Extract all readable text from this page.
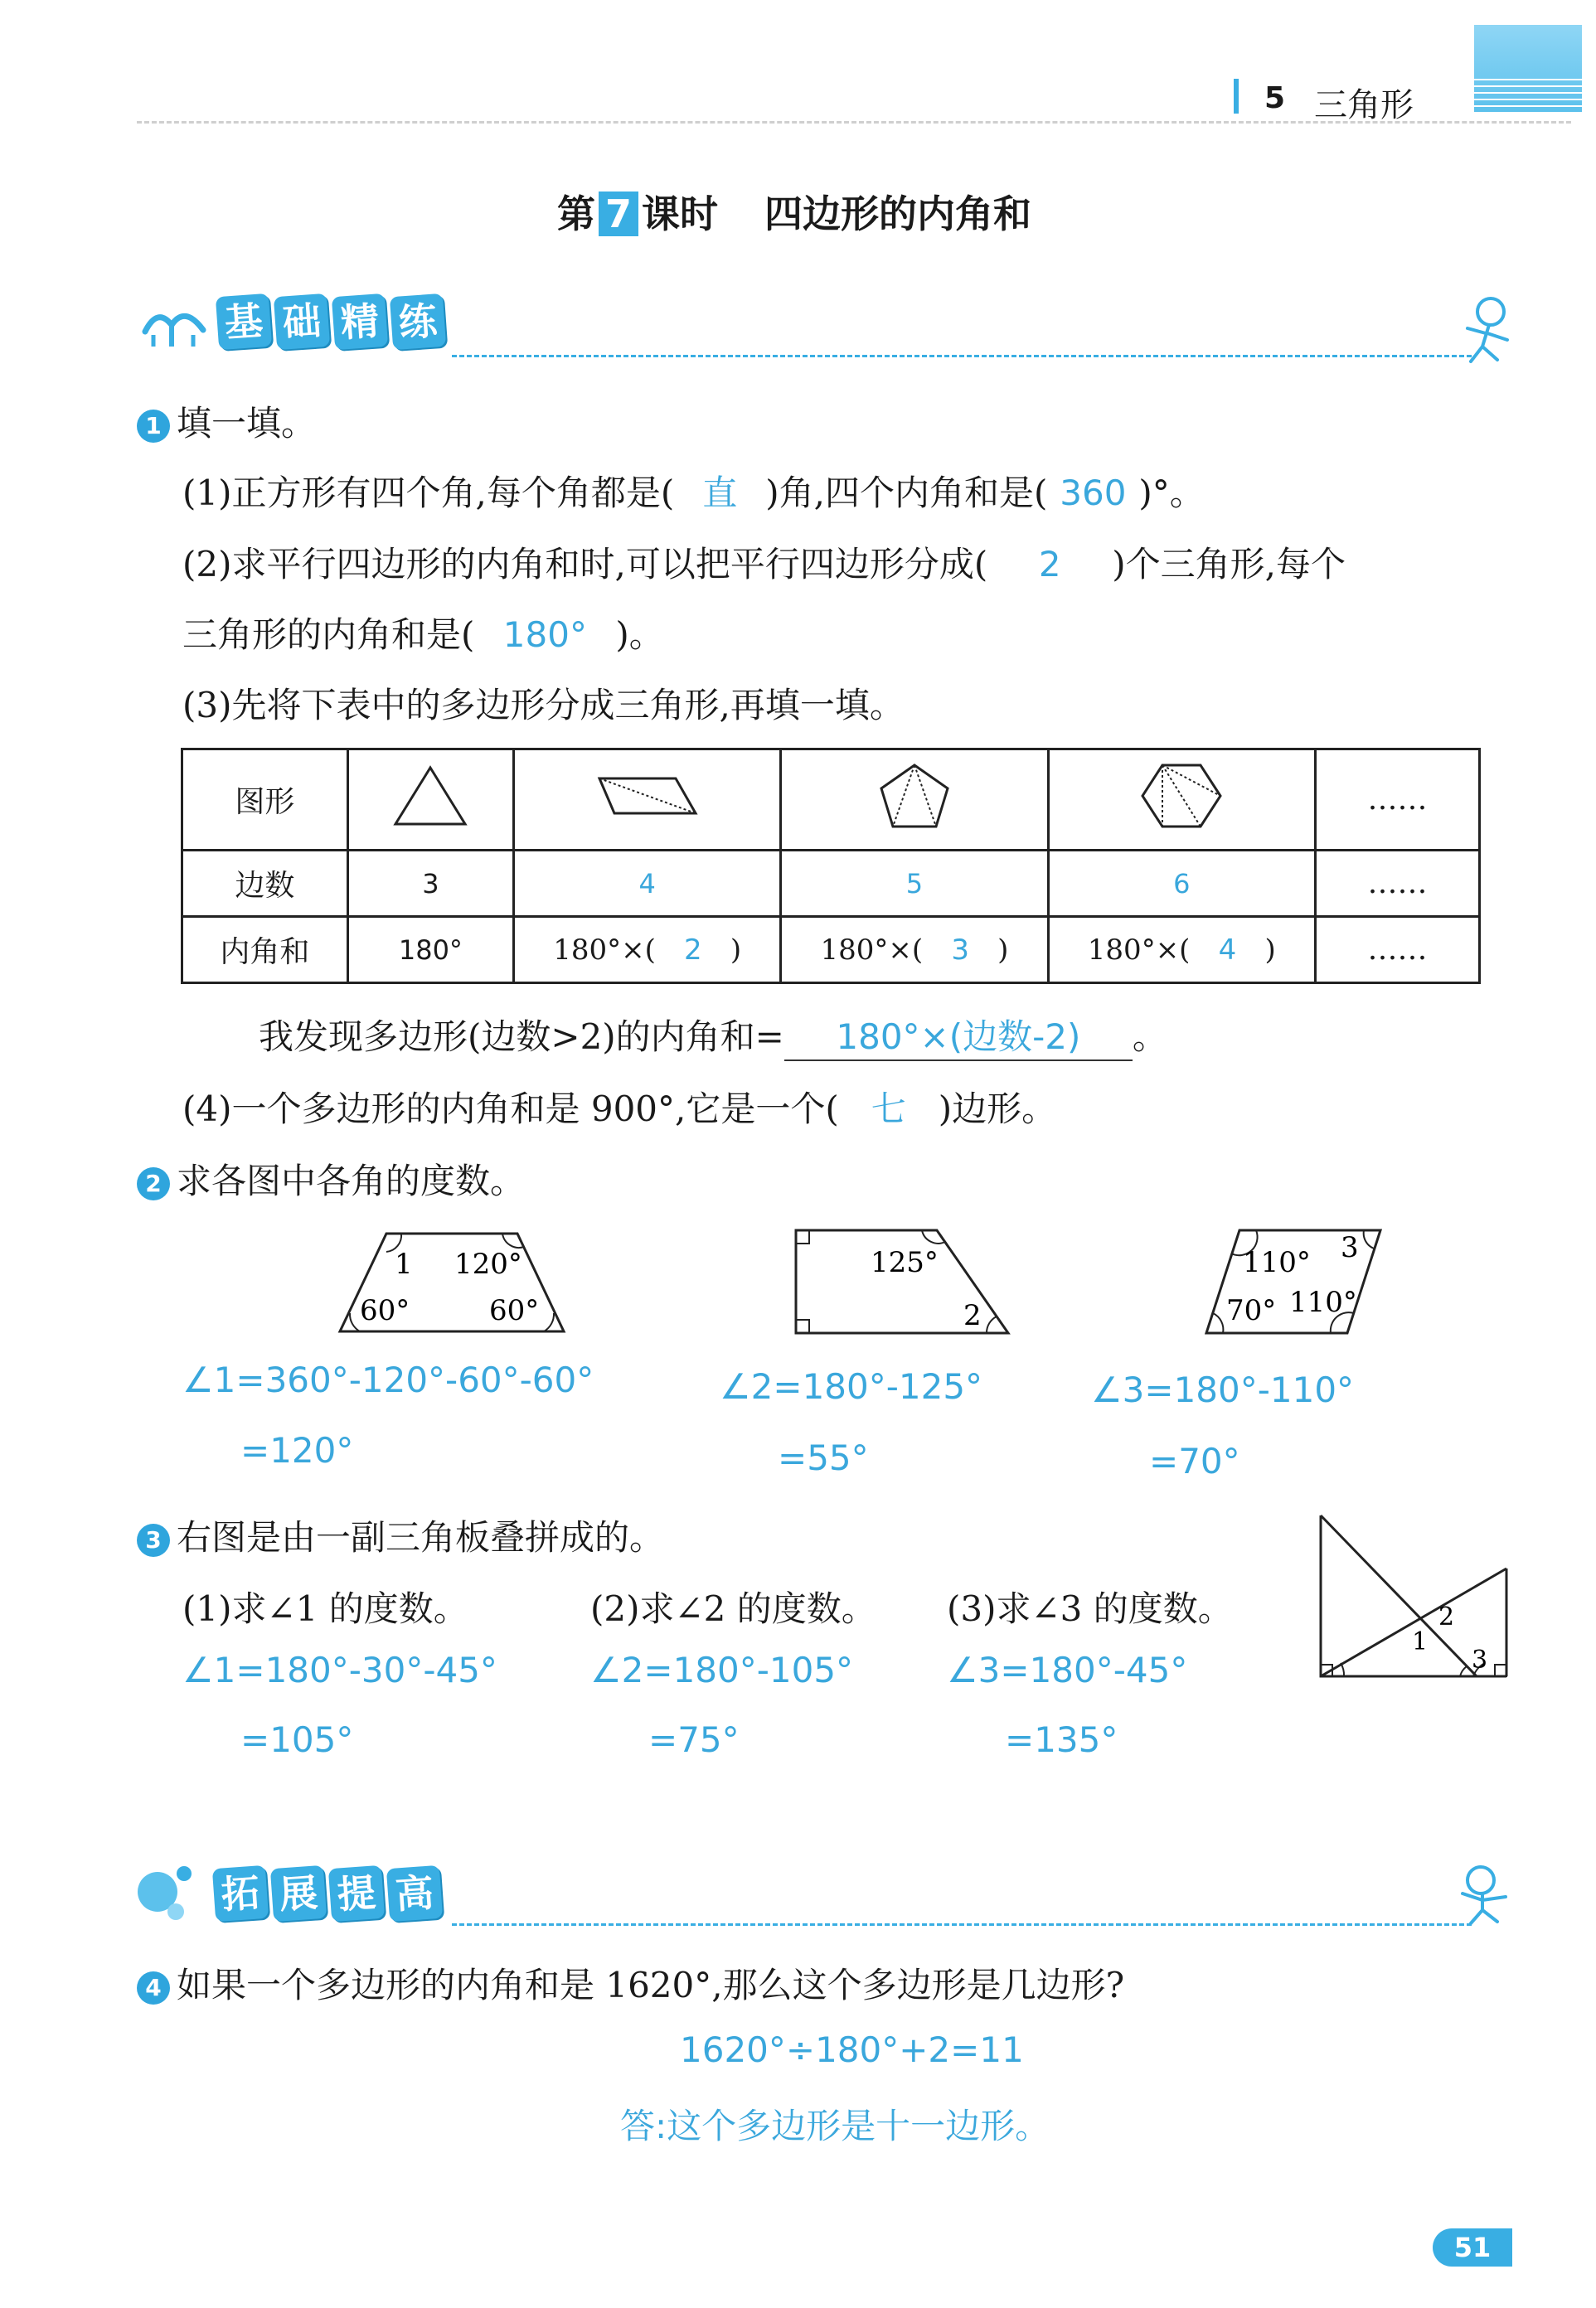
5 三角形
第 7 课时 四边形的内角和
基 础 精 练
1 填一填。
(1)正方形有四个角,每个角都是( 直 )角,四个内角和是( 360 )°。
(2)求平行四边形的内角和时,可以把平行四边形分成( 2 )个三角形,每个
三角形的内角和是( 180° )。
(3)先将下表中的多边形分成三角形,再填一填。
图形					……
边数	3	4	5	6	……
内角和	180°	180°×( 2 )	180°×( 3 )	180°×( 4 )	……
我发现多边形(边数>2)的内角和= 180°×(边数-2) 。
(4)一个多边形的内角和是 900°,它是一个( 七 )边形。
2 求各图中各角的度数。
1 120°
60°	60°
125°
2
110° 3
70° 110°
∠1=360°-120°-60°-60°
=120°
∠2=180°-125°
=55°
∠3=180°-110°
=70°
3 右图是由一副三角板叠拼成的。
(1)求∠1 的度数。	(2)求∠2 的度数。 (3)求∠3 的度数。
∠1=180°-30°-45°
=105°
∠2=180°-105°
=75°
∠3=180°-45°
=135°
1
2
3
拓 展 提 高
4 如果一个多边形的内角和是 1620°,那么这个多边形是几边形?
1620°÷180°+2=11
答:这个多边形是十一边形。
51
